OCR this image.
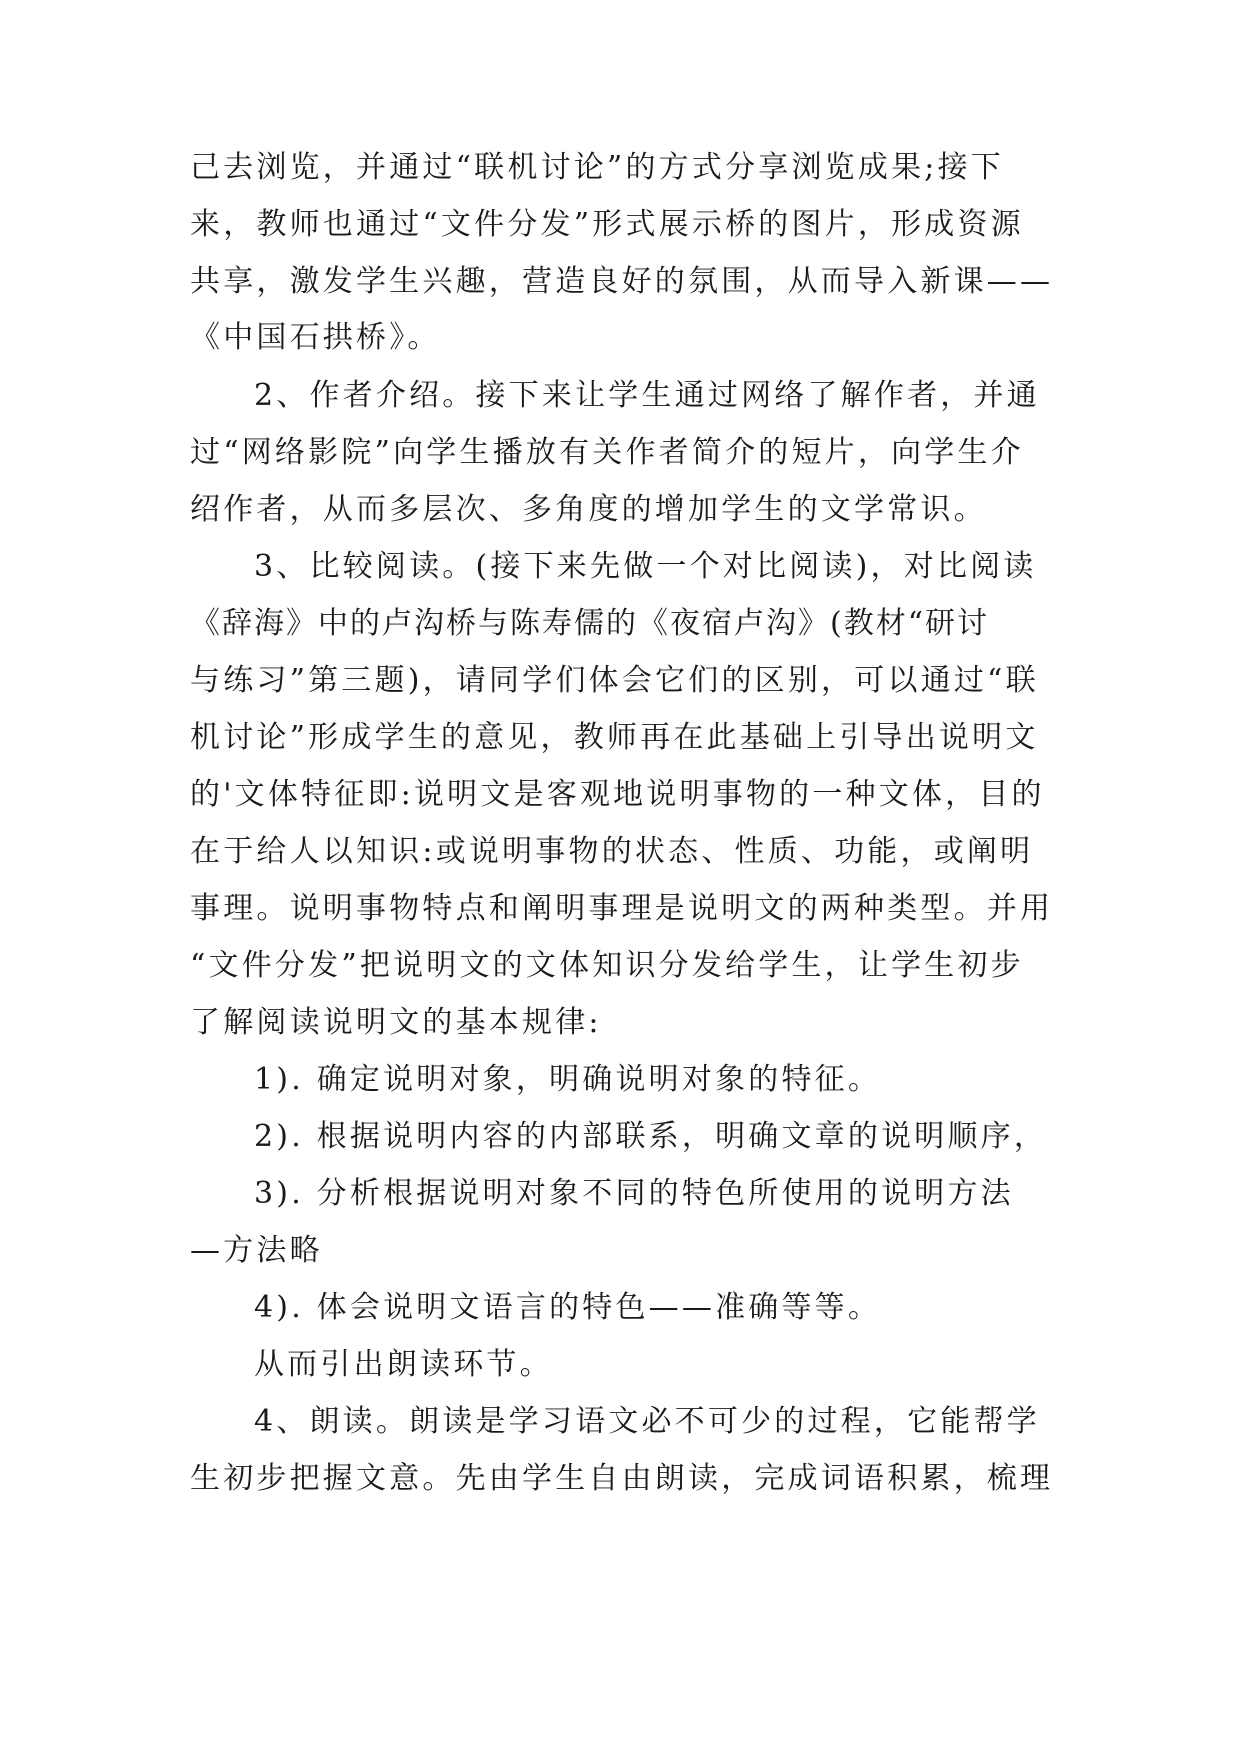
己去浏览，并通过“联机讨论”的方式分享浏览成果;接下
来，教师也通过“文件分发”形式展示桥的图片，形成资源
共享，激发学生兴趣，营造良好的氛围，从而导入新课——
《中国石拱桥》。
2、作者介绍。接下来让学生通过网络了解作者，并通
过“网络影院”向学生播放有关作者简介的短片，向学生介
绍作者，从而多层次、多角度的增加学生的文学常识。
3、比较阅读。(接下来先做一个对比阅读)，对比阅读
《辞海》中的卢沟桥与陈寿儒的《夜宿卢沟》(教材“研讨
与练习”第三题)，请同学们体会它们的区别，可以通过“联
机讨论”形成学生的意见，教师再在此基础上引导出说明文
的'文体特征即:说明文是客观地说明事物的一种文体，目的
在于给人以知识:或说明事物的状态、性质、功能，或阐明
事理。说明事物特点和阐明事理是说明文的两种类型。并用
“文件分发”把说明文的文体知识分发给学生，让学生初步
了解阅读说明文的基本规律:
1). 确定说明对象，明确说明对象的特征。
2). 根据说明内容的内部联系，明确文章的说明顺序，
3). 分析根据说明对象不同的特色所使用的说明方法
—方法略
4). 体会说明文语言的特色——准确等等。
从而引出朗读环节。
4、朗读。朗读是学习语文必不可少的过程，它能帮学
生初步把握文意。先由学生自由朗读，完成词语积累，梳理
